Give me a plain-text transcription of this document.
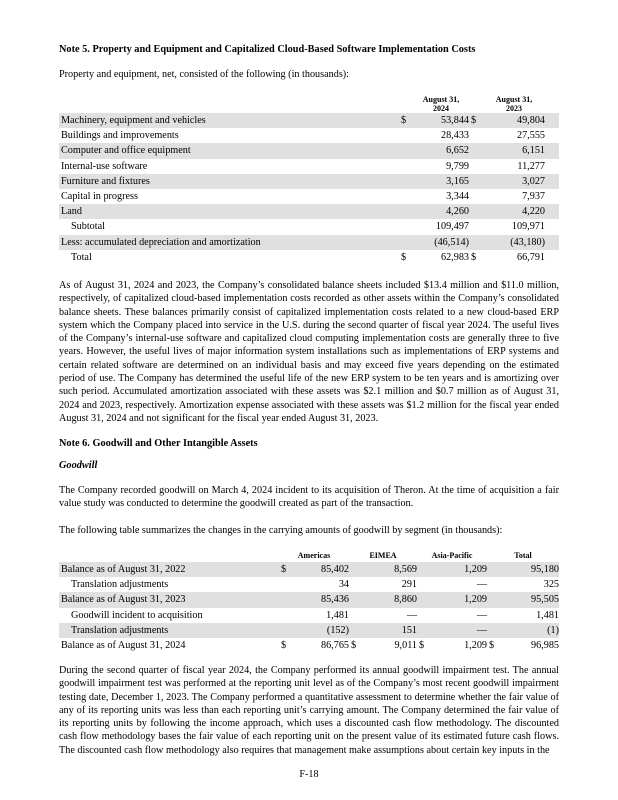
Note 5. Property and Equipment and Capitalized Cloud-Based Software Implementation Costs
Property and equipment, net, consisted of the following (in thousands):

August 31,
2024

August 31,
2023

Machinery, equipment and vehicles	$	53,844	$	49,804	
Buildings and improvements		28,433		27,555	
Computer and office equipment		6,652		6,151	
Internal-use software		9,799		11,277	
Furniture and fixtures		3,165		3,027	
Capital in progress		3,344		7,937	
Land		4,260		4,220	
Subtotal		109,497		109,971	
Less: accumulated depreciation and amortization		(46,514)		(43,180)	
Total	$	62,983	$	66,791	
As of August 31, 2024 and 2023, the Company’s consolidated balance sheets included $13.4 million and $11.0 million, respectively, of capitalized cloud-based implementation costs recorded as other assets within the Company’s consolidated balance sheets. These balances primarily consist of capitalized implementation costs related to a new cloud-based ERP system which the Company placed into service in the U.S. during the second quarter of fiscal year 2024. The useful lives of the Company’s internal-use software and capitalized cloud computing implementation costs are generally three to five years. However, the useful lives of major information system installations such as implementations of ERP systems and certain related software are determined on an individual basis and may exceed five years depending on the estimated period of use. The Company has determined the useful life of the new ERP system to be ten years and is amortizing over such period. Accumulated amortization associated with these assets was $2.1 million and $0.7 million as of August 31, 2024 and 2023, respectively. Amortization expense associated with these assets was $1.2 million for the fiscal year ended August 31, 2024 and not significant for the fiscal year ended August 31, 2023.
Note 6. Goodwill and Other Intangible Assets
Goodwill
The Company recorded goodwill on March 4, 2024 incident to its acquisition of Theron. At the time of acquisition a fair value study was conducted to determine the goodwill created as part of the transaction.
The following table summarizes the changes in the carrying amounts of goodwill by segment (in thousands):
	Americas		EIMEA		Asia-Pacific		Total	
Balance as of August 31, 2022	$	85,402		8,569		1,209		95,180
Translation adjustments		34		291		—		325
Balance as of August 31, 2023		85,436		8,860		1,209		95,505
Goodwill incident to acquisition		1,481		—		—		1,481
Translation adjustments		(152)		151		—		(1)
Balance as of August 31, 2024	$	86,765	$	9,011	$	1,209	$	96,985
During the second quarter of fiscal year 2024, the Company performed its annual goodwill impairment test. The annual goodwill impairment test was performed at the reporting unit level as of the Company’s most recent goodwill impairment testing date, December 1, 2023. The Company performed a quantitative assessment to determine whether the fair value of any of its reporting units was less than each reporting unit’s carrying amount. The Company determined the fair value of its reporting units by following the income approach, which uses a discounted cash flow methodology. The discounted cash flow methodology bases the fair value of each reporting unit on the present value of its estimated future cash flows. The discounted cash flow methodology also requires that management make assumptions about certain key inputs in the
F-18
